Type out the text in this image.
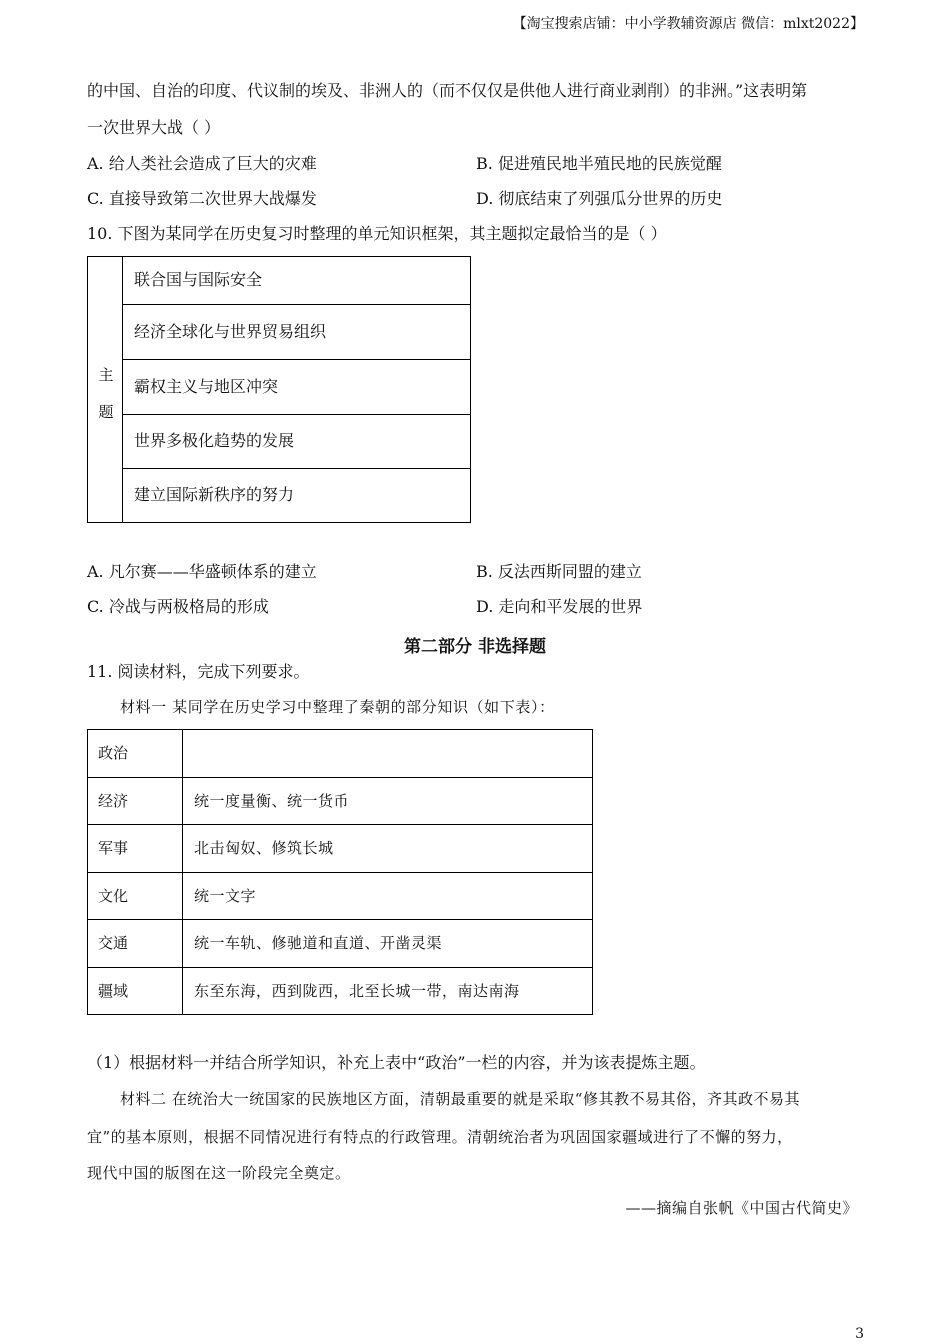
【淘宝搜索店铺：中小学教辅资源店 微信：mlxt2022】
的中国、自治的印度、代议制的埃及、非洲人的（而不仅仅是供他人进行商业剥削）的非洲。”这表明第
一次世界大战（ ）
A. 给人类社会造成了巨大的灾难	B. 促进殖民地半殖民地的民族觉醒
C. 直接导致第二次世界大战爆发	D. 彻底结束了列强瓜分世界的历史
10. 下图为某同学在历史复习时整理的单元知识框架，其主题拟定最恰当的是（ ）
主题
联合国与国际安全
经济全球化与世界贸易组织
霸权主义与地区冲突
世界多极化趋势的发展
建立国际新秩序的努力
A. 凡尔赛——华盛顿体系的建立	B. 反法西斯同盟的建立
C. 冷战与两极格局的形成	D. 走向和平发展的世界
第二部分 非选择题
11. 阅读材料，完成下列要求。
材料一 某同学在历史学习中整理了秦朝的部分知识（如下表）：
政治
经济	统一度量衡、统一货币
军事	北击匈奴、修筑长城
文化	统一文字
交通	统一车轨、修驰道和直道、开凿灵渠
疆域	东至东海，西到陇西，北至长城一带，南达南海
（1）根据材料一并结合所学知识，补充上表中“政治”一栏的内容，并为该表提炼主题。
材料二 在统治大一统国家的民族地区方面，清朝最重要的就是采取“修其教不易其俗，齐其政不易其
宜”的基本原则，根据不同情况进行有特点的行政管理。清朝统治者为巩固国家疆域进行了不懈的努力，
现代中国的版图在这一阶段完全奠定。
——摘编自张帆《中国古代简史》
3
